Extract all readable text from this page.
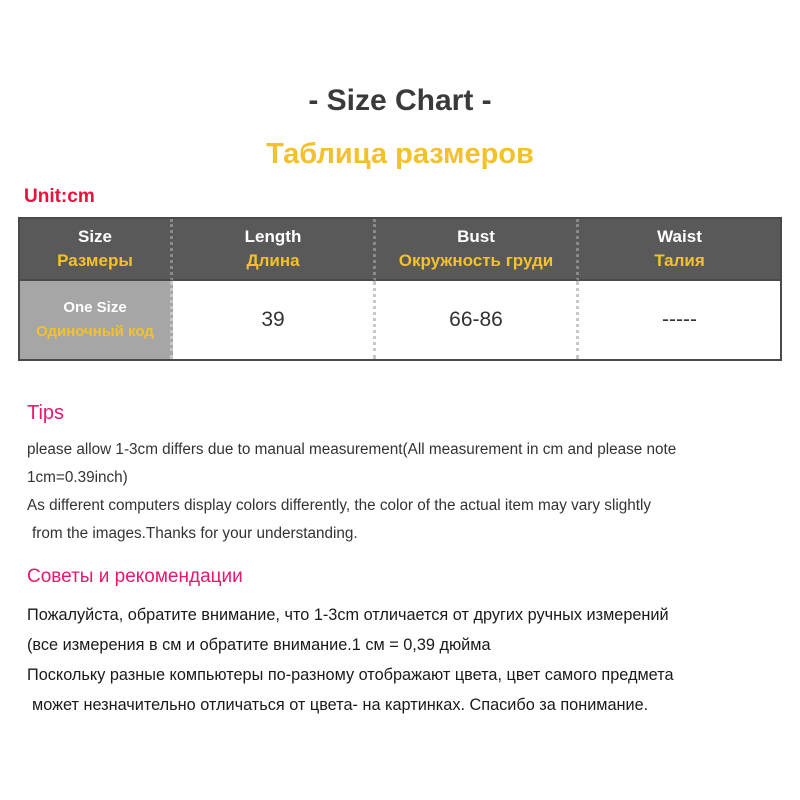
- Size Chart -
Таблица размеров
Unit:cm
Size
Размеры
Length
Длина
Bust
Окружность груди
Waist
Талия
One Size
Одиночный код
39	66-86	-----
Tips
please allow 1-3cm differs due to manual measurement(All measurement in cm and please note
1cm=0.39inch)
As different computers display colors differently, the color of the actual item may vary slightly
from the images.Thanks for your understanding.
Советы и рекомендации
Пожалуйста, обратите внимание, что 1-3cm отличается от других ручных измерений
(все измерения в см и обратите внимание.1 см = 0,39 дюйма
Поскольку разные компьютеры по-разному отображают цвета, цвет самого предмета
может незначительно отличаться от цвета- на картинках. Спасибо за понимание.
